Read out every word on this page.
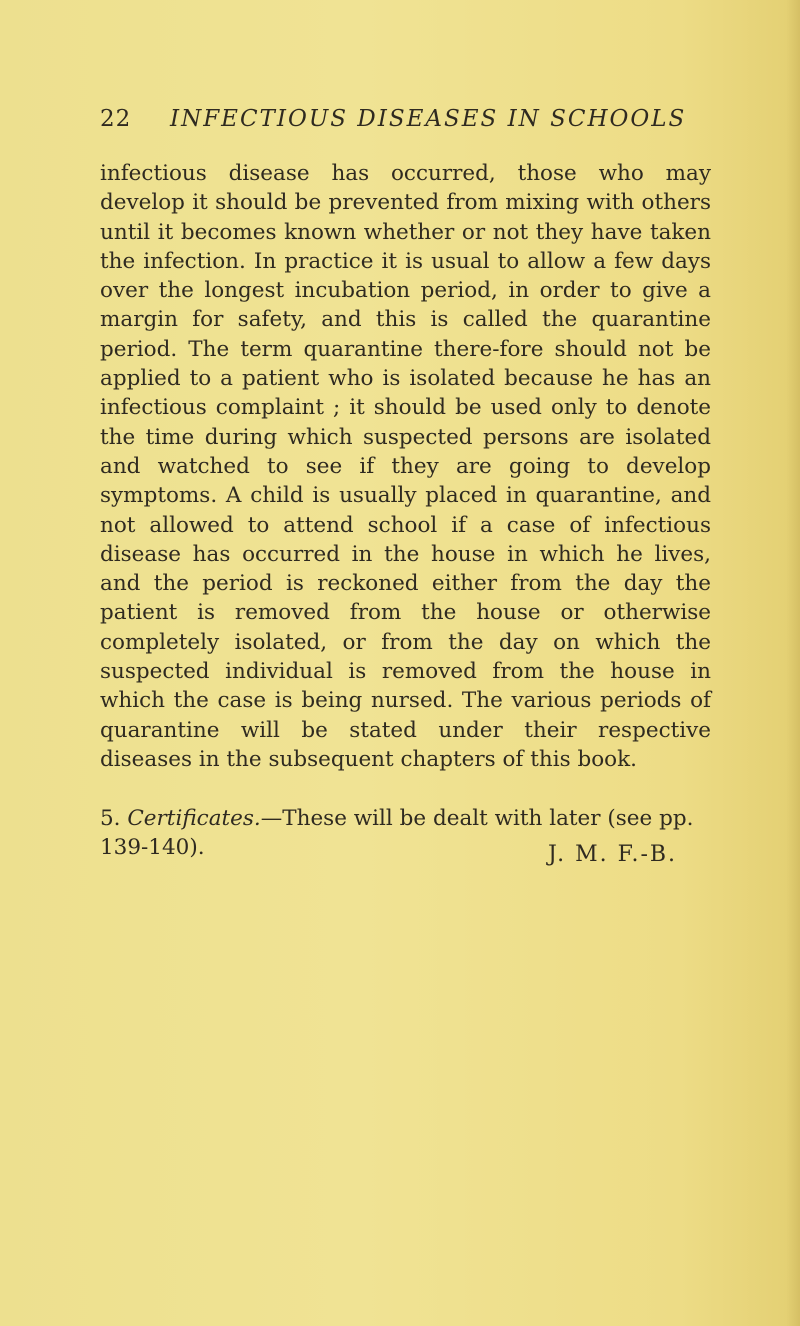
22 INFECTIOUS DISEASES IN SCHOOLS

infectious disease has occurred, those who may develop it should be prevented from mixing with others until it becomes known whether or not they have taken the infection. In practice it is usual to allow a few days over the longest incubation period, in order to give a margin for safety, and this is called the quarantine period. The term quarantine there-fore should not be applied to a patient who is isolated because he has an infectious complaint ; it should be used only to denote the time during which suspected persons are isolated and watched to see if they are going to develop symptoms. A child is usually placed in quarantine, and not allowed to attend school if a case of infectious disease has occurred in the house in which he lives, and the period is reckoned either from the day the patient is removed from the house or otherwise completely isolated, or from the day on which the suspected individual is removed from the house in which the case is being nursed. The various periods of quarantine will be stated under their respective diseases in the subsequent chapters of this book.

5. Certificates.—These will be dealt with later (see pp. 139-140).	J. M. F.-B.
